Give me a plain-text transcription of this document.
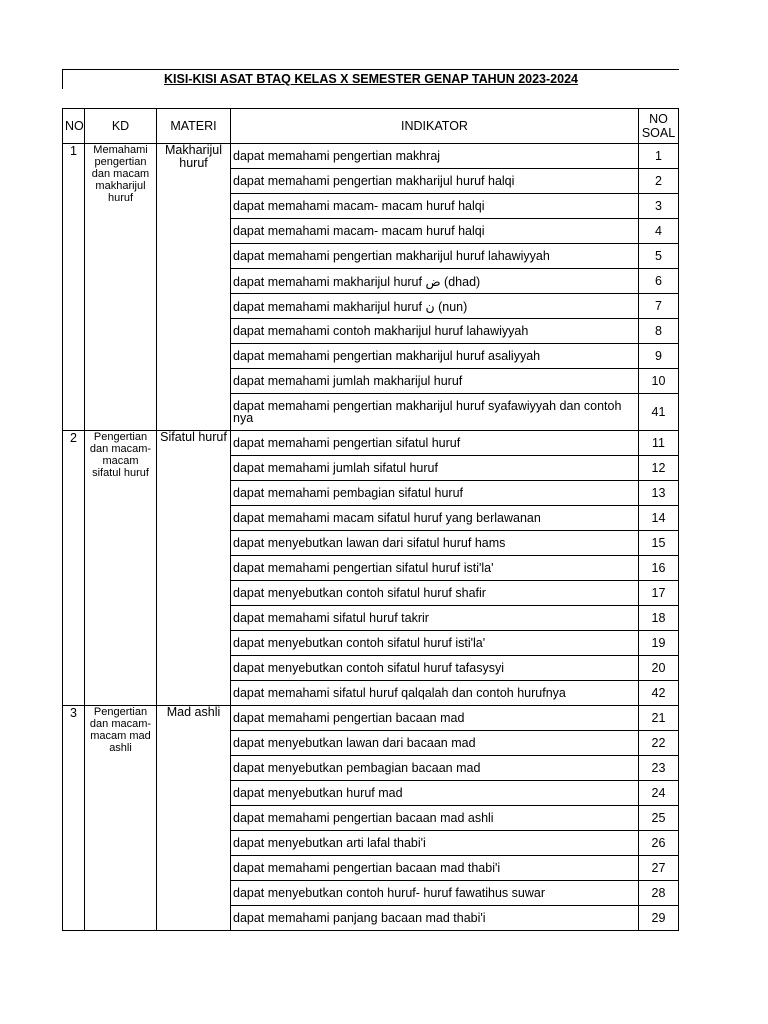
KISI-KISI ASAT BTAQ KELAS X SEMESTER GENAP TAHUN 2023-2024
NO	KD	MATERI	INDIKATOR	NO SOAL
1	Memahami pengertian dan macam makharijul huruf	Makharijul huruf	dapat memahami pengertian makhraj	1
			dapat memahami pengertian makharijul huruf halqi	2
			dapat memahami macam- macam huruf halqi	3
			dapat memahami macam- macam huruf halqi	4
			dapat memahami pengertian makharijul huruf lahawiyyah	5
			dapat memahami makharijul huruf ض (dhad)	6
			dapat memahami makharijul huruf ن (nun)	7
			dapat memahami contoh makharijul huruf lahawiyyah	8
			dapat memahami pengertian makharijul huruf asaliyyah	9
			dapat memahami jumlah makharijul huruf	10
			dapat memahami pengertian makharijul huruf syafawiyyah dan contoh nya	41
2	Pengertian dan macam-macam sifatul huruf	Sifatul huruf	dapat memahami pengertian sifatul huruf	11
			dapat memahami jumlah sifatul huruf	12
			dapat memahami pembagian sifatul huruf	13
			dapat memahami macam sifatul huruf yang berlawanan	14
			dapat menyebutkan lawan dari sifatul huruf hams	15
			dapat memahami pengertian sifatul huruf isti'la'	16
			dapat menyebutkan contoh sifatul huruf shafir	17
			dapat memahami sifatul huruf takrir	18
			dapat menyebutkan contoh sifatul huruf isti'la'	19
			dapat menyebutkan contoh sifatul huruf tafasysyi	20
			dapat memahami sifatul huruf qalqalah dan contoh hurufnya	42
3	Pengertian dan macam-macam mad ashli	Mad ashli	dapat memahami pengertian bacaan mad	21
			dapat menyebutkan lawan dari bacaan mad	22
			dapat menyebutkan pembagian bacaan mad	23
			dapat menyebutkan huruf mad	24
			dapat memahami pengertian bacaan mad ashli	25
			dapat menyebutkan arti lafal thabi'i	26
			dapat memahami pengertian bacaan mad thabi'i	27
			dapat menyebutkan contoh huruf- huruf fawatihus suwar	28
			dapat memahami panjang bacaan mad thabi'i	29
